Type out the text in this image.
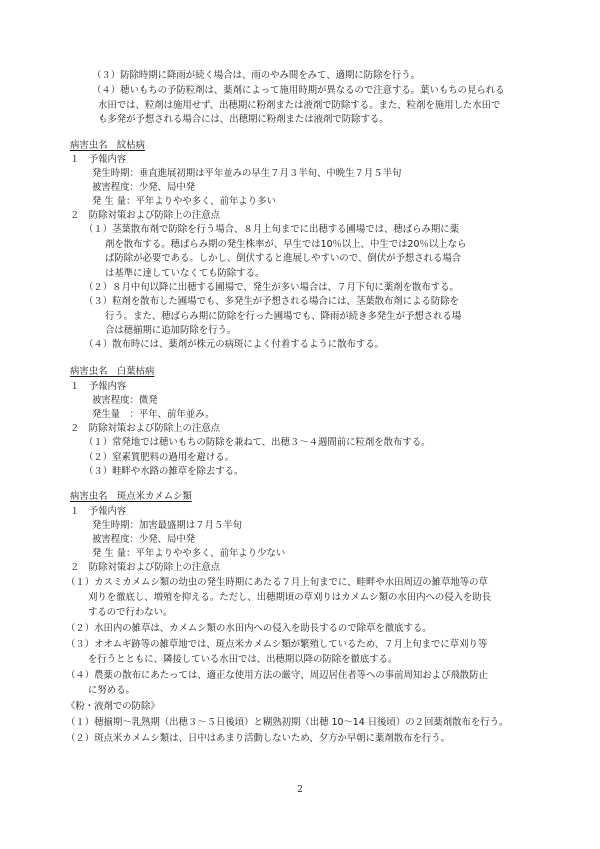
（３）防除時期に降雨が続く場合は、雨のやみ間をみて、適期に防除を行う。
（４）穂いもちの予防粒剤は、薬剤によって施用時期が異なるので注意する。葉いもちの見られる
水田では、粒剤は施用せず、出穂期に粉剤または液剤で防除する。また、粒剤を施用した水田で
も多発が予想される場合には、出穂期に粉剤または液剤で防除する。
病害虫名　紋枯病
１　予報内容
発生時期：垂直進展初期は平年並みの早生７月３半旬、中晩生７月５半旬
被害程度：少発、局中発
発 生 量：平年よりやや多く、前年より多い
２　防除対策および防除上の注意点
（１）茎葉散布剤で防除を行う場合、８月上旬までに出穂する圃場では、穂ばらみ期に薬
剤を散布する。穂ばらみ期の発生株率が、早生では10％以上、中生では20％以上なら
ば防除が必要である。しかし、倒伏すると進展しやすいので、倒伏が予想される場合
は基準に達していなくても防除する。
（２）８月中旬以降に出穂する圃場で、発生が多い場合は、７月下旬に薬剤を散布する。
（３）粒剤を散布した圃場でも、多発生が予想される場合には、茎葉散布剤による防除を
行う。また、穂ばらみ期に防除を行った圃場でも、降雨が続き多発生が予想される場
合は穂揃期に追加防除を行う。
（４）散布時には、薬剤が株元の病斑によく付着するように散布する。
病害虫名　白葉枯病
１　予報内容
被害程度：微発
発生量　：平年、前年並み。
２　防除対策および防除上の注意点
（１）常発地では穂いもちの防除を兼ねて、出穂３～４週間前に粒剤を散布する。
（２）窒素質肥料の過用を避ける。
（３）畦畔や水路の雑草を除去する。
病害虫名　斑点米カメムシ類
１　予報内容
発生時期：加害最盛期は７月５半旬
被害程度：少発、局中発
発 生 量：平年よりやや多く、前年より少ない
２　防除対策および防除上の注意点
（１）カスミカメムシ類の幼虫の発生時期にあたる７月上旬までに、畦畔や水田周辺の雑草地等の草
刈りを徹底し、増殖を抑える。ただし、出穂期頃の草刈りはカメムシ類の水田内への侵入を助長
するので行わない。
（２）水田内の雑草は、カメムシ類の水田内への侵入を助長するので除草を徹底する。
（３）オオムギ跡等の雑草地では、斑点米カメムシ類が繁殖しているため、７月上旬までに草刈り等
を行うとともに、隣接している水田では、出穂期以降の防除を徹底する。
（４）農薬の散布にあたっては、適正な使用方法の厳守、周辺居住者等への事前周知および飛散防止
に努める。
《粉・液剤での防除》
（１）穂揃期～乳熟期（出穂３～５日後頃）と糊熟初期（出穂 10～14 日後頃）の２回薬剤散布を行う。
（２）斑点米カメムシ類は、日中はあまり活動しないため、夕方か早朝に薬剤散布を行う。
2
